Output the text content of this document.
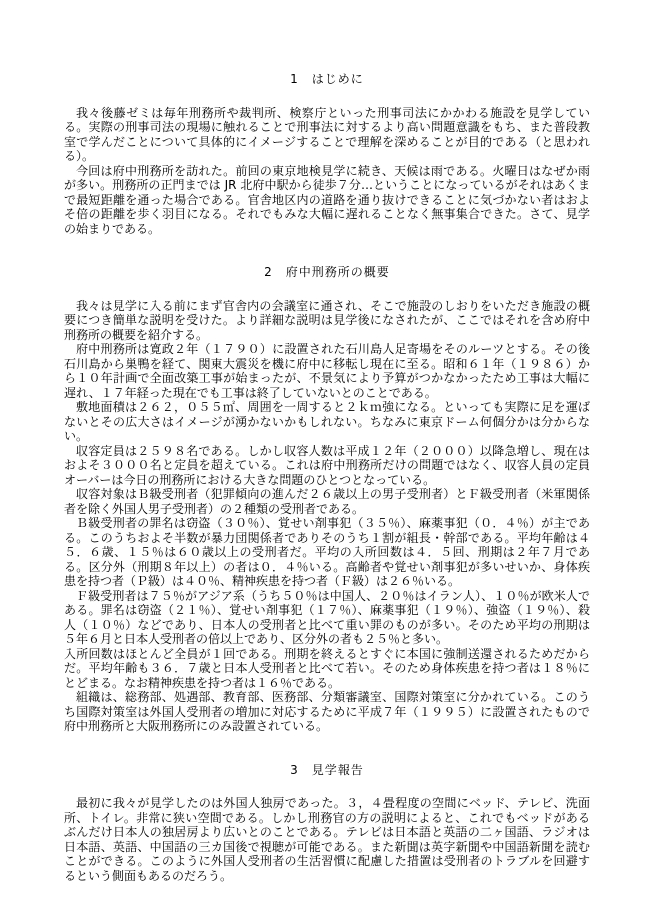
1　はじめに

我々後藤ゼミは毎年刑務所や裁判所、検察庁といった刑事司法にかかわる施設を見学している。実際の刑事司法の現場に触れることで刑事法に対するより高い問題意識をもち、また普段教室で学んだことについて具体的にイメージすることで理解を深めることが目的である（と思われる）。

今回は府中刑務所を訪れた。前回の東京地検見学に続き、天候は雨である。火曜日はなぜか雨が多い。刑務所の正門までは JR 北府中駅から徒歩７分…ということになっているがそれはあくまで最短距離を通った場合である。官舎地区内の道路を通り抜けできることに気づかない者はおよそ倍の距離を歩く羽目になる。それでもみな大幅に遅れることなく無事集合できた。さて、見学の始まりである。

2　府中刑務所の概要

我々は見学に入る前にまず官舎内の会議室に通され、そこで施設のしおりをいただき施設の概要につき簡単な説明を受けた。より詳細な説明は見学後になされたが、ここではそれを含め府中刑務所の概要を紹介する。

府中刑務所は寛政２年（１７９０）に設置された石川島人足寄場をそのルーツとする。その後石川島から巣鴨を経て、関東大震災を機に府中に移転し現在に至る。昭和６１年（１９８６）から１０年計画で全面改築工事が始まったが、不景気により予算がつかなかったため工事は大幅に遅れ、１７年経った現在でも工事は終了していないとのことである。

敷地面積は２６２，０５５㎡、周囲を一周すると２ｋｍ強になる。といっても実際に足を運ばないとその広大さはイメージが湧かないかもしれない。ちなみに東京ドーム何個分かは分からない。

収容定員は２５９８名である。しかし収容人数は平成１２年（２０００）以降急増し、現在はおよそ３０００名と定員を超えている。これは府中刑務所だけの問題ではなく、収容人員の定員オーバーは今日の刑務所における大きな問題のひとつとなっている。

収容対象はＢ級受刑者（犯罪傾向の進んだ２６歳以上の男子受刑者）とＦ級受刑者（米軍関係者を除く外国人男子受刑者）の２種類の受刑者である。

Ｂ級受刑者の罪名は窃盗（３０％）、覚せい剤事犯（３５％）、麻薬事犯（０．４％）が主である。このうちおよそ半数が暴力団関係者でありそのうち１割が組長・幹部である。平均年齢は４５．６歳、１５％は６０歳以上の受刑者だ。平均の入所回数は４．５回、刑期は２年７月である。区分外（刑期８年以上）の者は０．４％いる。高齢者や覚せい剤事犯が多いせいか、身体疾患を持つ者（Ｐ級）は４０％、精神疾患を持つ者（Ｆ級）は２６％いる。

Ｆ級受刑者は７５％がアジア系（うち５０％は中国人、２０％はイラン人）、１０％が欧米人である。罪名は窃盗（２１％）、覚せい剤事犯（１７％）、麻薬事犯（１９％）、強盗（１９％）、殺人（１０％）などであり、日本人の受刑者と比べて重い罪のものが多い。そのため平均の刑期は５年６月と日本人受刑者の倍以上であり、区分外の者も２５％と多い。

入所回数はほとんど全員が１回である。刑期を終えるとすぐに本国に強制送還されるためだからだ。平均年齢も３６．７歳と日本人受刑者と比べて若い。そのため身体疾患を持つ者は１８％にとどまる。なお精神疾患を持つ者は１６％である。

組織は、総務部、処遇部、教育部、医務部、分類審議室、国際対策室に分かれている。このうち国際対策室は外国人受刑者の増加に対応するために平成７年（１９９５）に設置されたもので府中刑務所と大阪刑務所にのみ設置されている。

3　見学報告

最初に我々が見学したのは外国人独房であった。３，４畳程度の空間にベッド、テレビ、洗面所、トイレ。非常に狭い空間である。しかし刑務官の方の説明によると、これでもベッドがあるぶんだけ日本人の独居房より広いとのことである。テレビは日本語と英語の二ヶ国語、ラジオは日本語、英語、中国語の三カ国後で視聴が可能である。また新聞は英字新聞や中国語新聞を読むことができる。このように外国人受刑者の生活習慣に配慮した措置は受刑者のトラブルを回避するという側面もあるのだろう。
